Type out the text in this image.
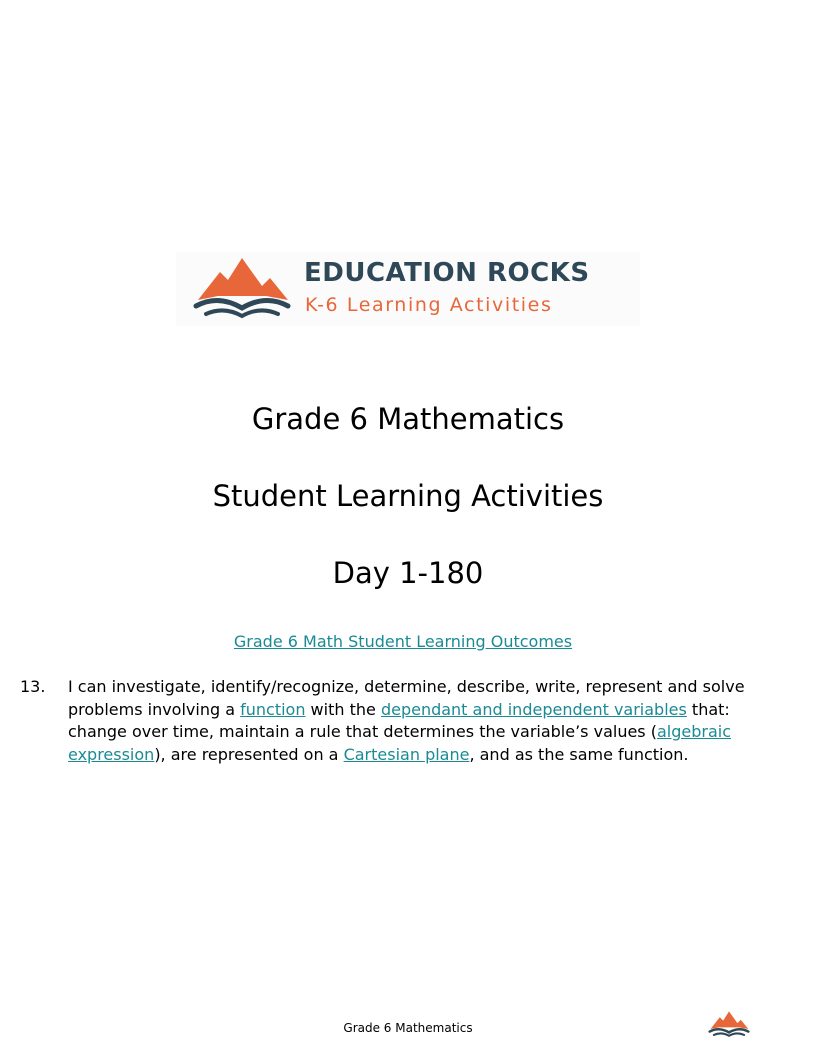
EDUCATION ROCKS
K-6 Learning Activities
Grade 6 Mathematics
Student Learning Activities
Day 1-180
Grade 6 Math Student Learning Outcomes
13. I can investigate, identify/recognize, determine, describe, write, represent and solve problems involving a function with the dependant and independent variables that: change over time, maintain a rule that determines the variable’s values (algebraic expression), are represented on a Cartesian plane, and as the same function.
Grade 6 Mathematics
